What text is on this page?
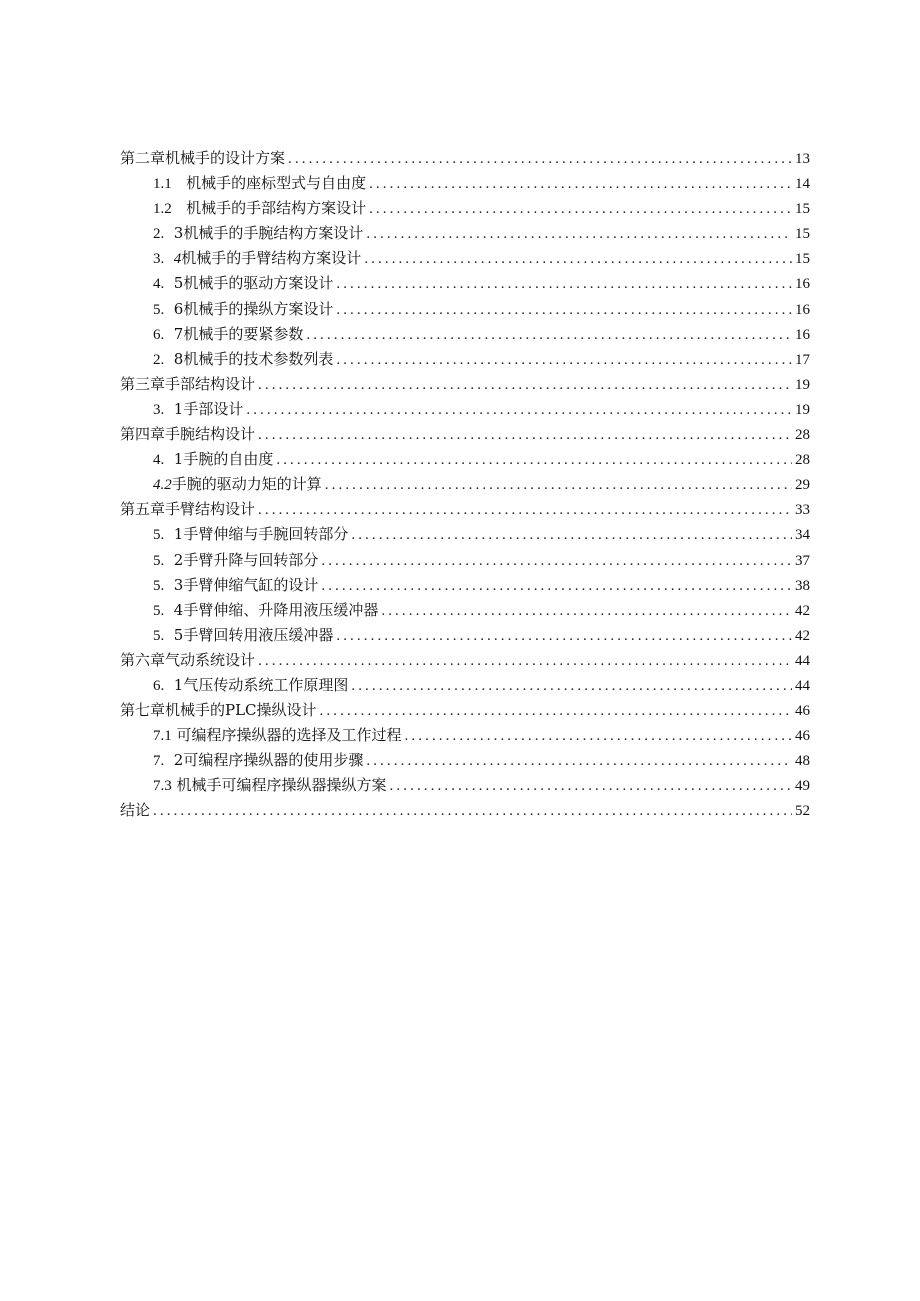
第二章机械手的设计方案 .....	13
1.1 机械手的座标型式与自由度 .....	14
1.2 机械手的手部结构方案设计 .....	15
2. 3机械手的手腕结构方案设计 .....	15
3. 4机械手的手臂结构方案设计 .....	15
4. 5机械手的驱动方案设计 .....	16
5. 6机械手的操纵方案设计 .....	16
6. 7机械手的要紧参数 .....	16
2. 8机械手的技术参数列表 .....	17
第三章手部结构设计 .....	19
3. 1手部设计 .....	19
第四章手腕结构设计 .....	28
4. 1手腕的自由度 .....	28
4.2手腕的驱动力矩的计算 .....	29
第五章手臂结构设计 .....	33
5. 1手臂伸缩与手腕回转部分 .....	34
5. 2手臂升降与回转部分 .....	37
5. 3手臂伸缩气缸的设计 .....	38
5. 4手臂伸缩、升降用液压缓冲器 .....	42
5. 5手臂回转用液压缓冲器 .....	42
第六章气动系统设计 .....	44
6. 1气压传动系统工作原理图 .....	44
第七章机械手的PLC操纵设计 .....	46
7.1 可编程序操纵器的选择及工作过程 .....	46
7. 2可编程序操纵器的使用步骤 .....	48
7.3 机械手可编程序操纵器操纵方案 .....	49
结论 .....	52
